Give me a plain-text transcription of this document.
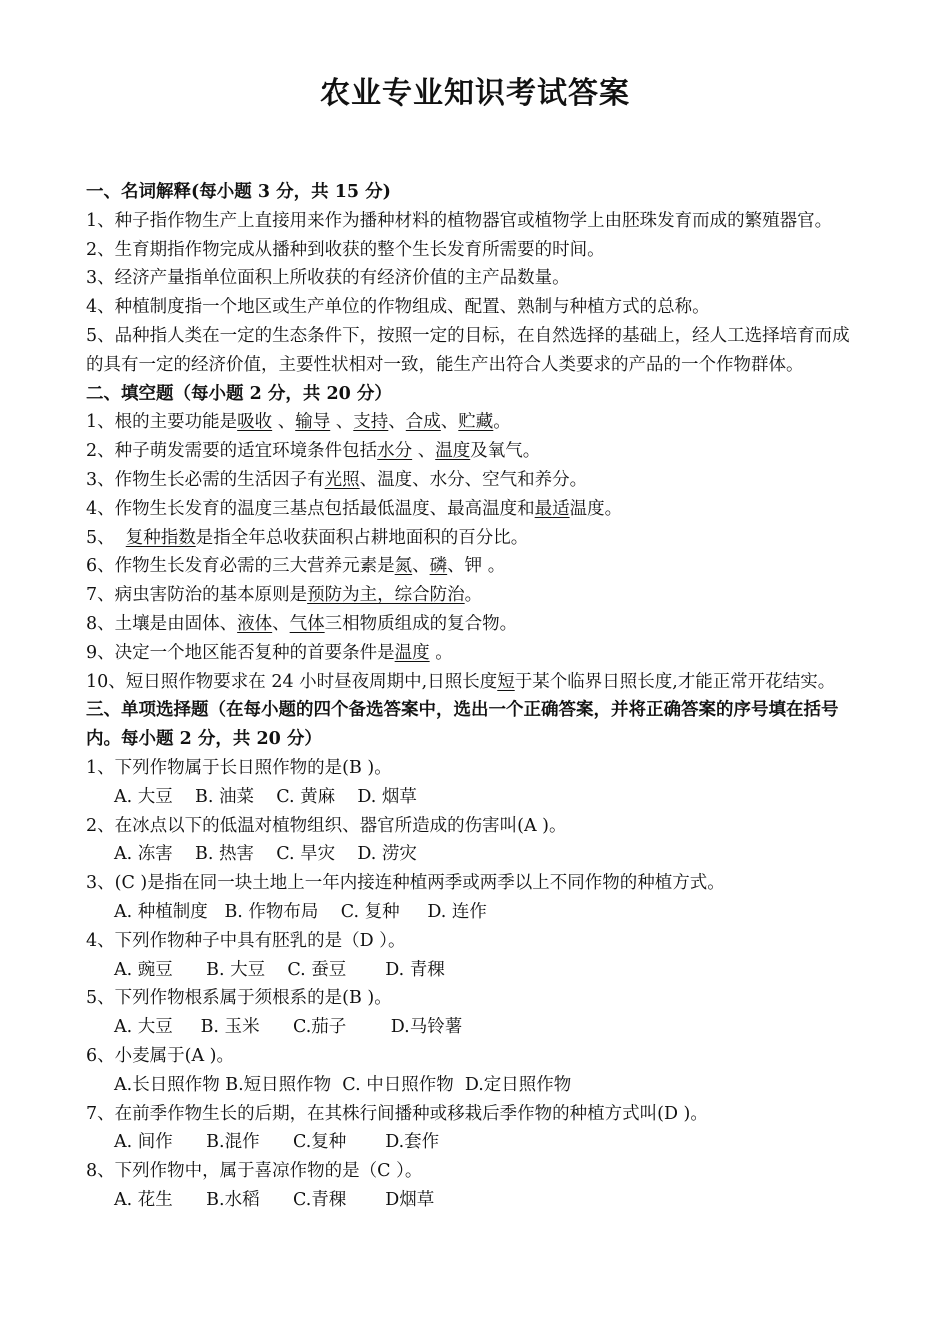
农业专业知识考试答案
一、名词解释(每小题 3 分，共 15 分)
1、种子指作物生产上直接用来作为播种材料的植物器官或植物学上由胚珠发育而成的繁殖器官。
2、生育期指作物完成从播种到收获的整个生长发育所需要的时间。
3、经济产量指单位面积上所收获的有经济价值的主产品数量。
4、种植制度指一个地区或生产单位的作物组成、配置、熟制与种植方式的总称。
5、品种指人类在一定的生态条件下，按照一定的目标，在自然选择的基础上，经人工选择培育而成的具有一定的经济价值，主要性状相对一致，能生产出符合人类要求的产品的一个作物群体。
二、填空题（每小题 2 分，共 20 分）
1、根的主要功能是吸收 、输导 、支持、合成、贮藏。
2、种子萌发需要的适宜环境条件包括水分 、温度及氧气。
3、作物生长必需的生活因子有光照、温度、水分、空气和养分。
4、作物生长发育的温度三基点包括最低温度、最高温度和最适温度。
5、  复种指数是指全年总收获面积占耕地面积的百分比。
6、作物生长发育必需的三大营养元素是氮、磷、钾 。
7、病虫害防治的基本原则是预防为主，综合防治。
8、土壤是由固体、液体、气体三相物质组成的复合物。
9、决定一个地区能否复种的首要条件是温度 。
10、短日照作物要求在 24 小时昼夜周期中,日照长度短于某个临界日照长度,才能正常开花结实。
三、单项选择题（在每小题的四个备选答案中，选出一个正确答案，并将正确答案的序号填在括号内。每小题 2 分，共 20 分）
1、下列作物属于长日照作物的是(B )。
A. 大豆    B. 油菜    C. 黄麻    D. 烟草
2、在冰点以下的低温对植物组织、器官所造成的伤害叫(A )。
A. 冻害    B. 热害    C. 旱灾    D. 涝灾
3、(C )是指在同一块土地上一年内接连种植两季或两季以上不同作物的种植方式。
A. 种植制度   B. 作物布局    C. 复种     D. 连作
4、下列作物种子中具有胚乳的是（D ）。
A. 豌豆      B. 大豆    C. 蚕豆       D. 青稞
5、下列作物根系属于须根系的是(B )。
A. 大豆     B. 玉米      C.茄子        D.马铃薯
6、小麦属于(A )。
A.长日照作物 B.短日照作物  C. 中日照作物  D.定日照作物
7、在前季作物生长的后期，在其株行间播种或移栽后季作物的种植方式叫(D )。
A. 间作      B.混作      C.复种       D.套作
8、下列作物中，属于喜凉作物的是（C ）。
A. 花生      B.水稻      C.青稞       D烟草
